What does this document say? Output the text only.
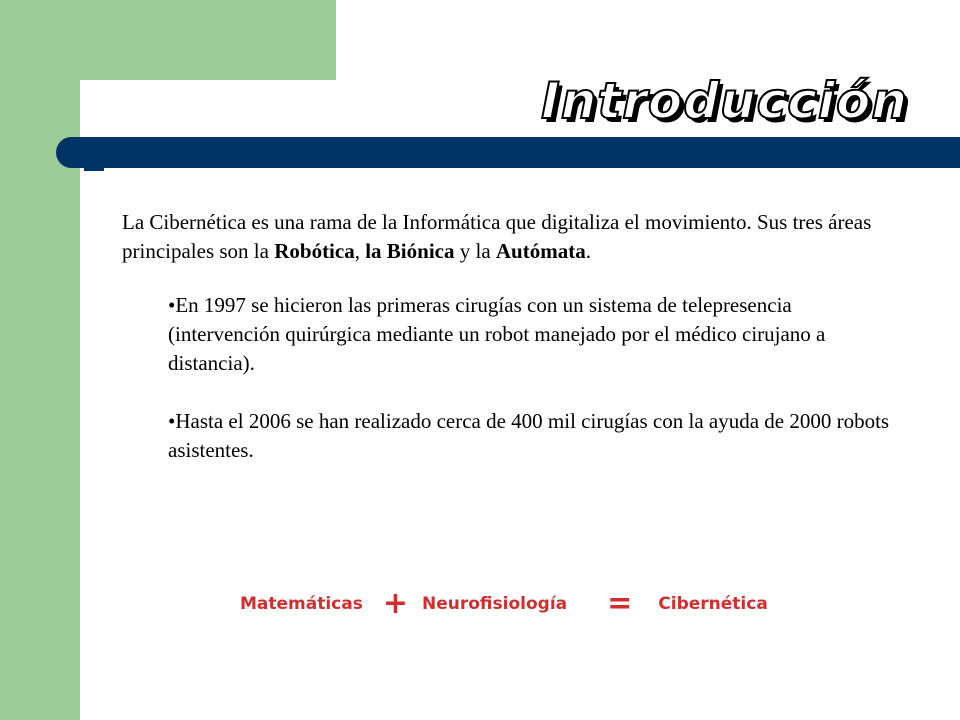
Introducción

La Cibernética es una rama de la Informática que digitaliza el movimiento. Sus tres áreas principales son la Robótica, la Biónica y la Autómata.

•En 1997 se hicieron las primeras cirugías con un sistema de telepresencia (intervención quirúrgica mediante un robot manejado por el médico cirujano a distancia).
•Hasta el 2006 se han realizado cerca de 400 mil cirugías con la ayuda de 2000 robots asistentes.
Matemáticas + Neurofisiología = Cibernética
